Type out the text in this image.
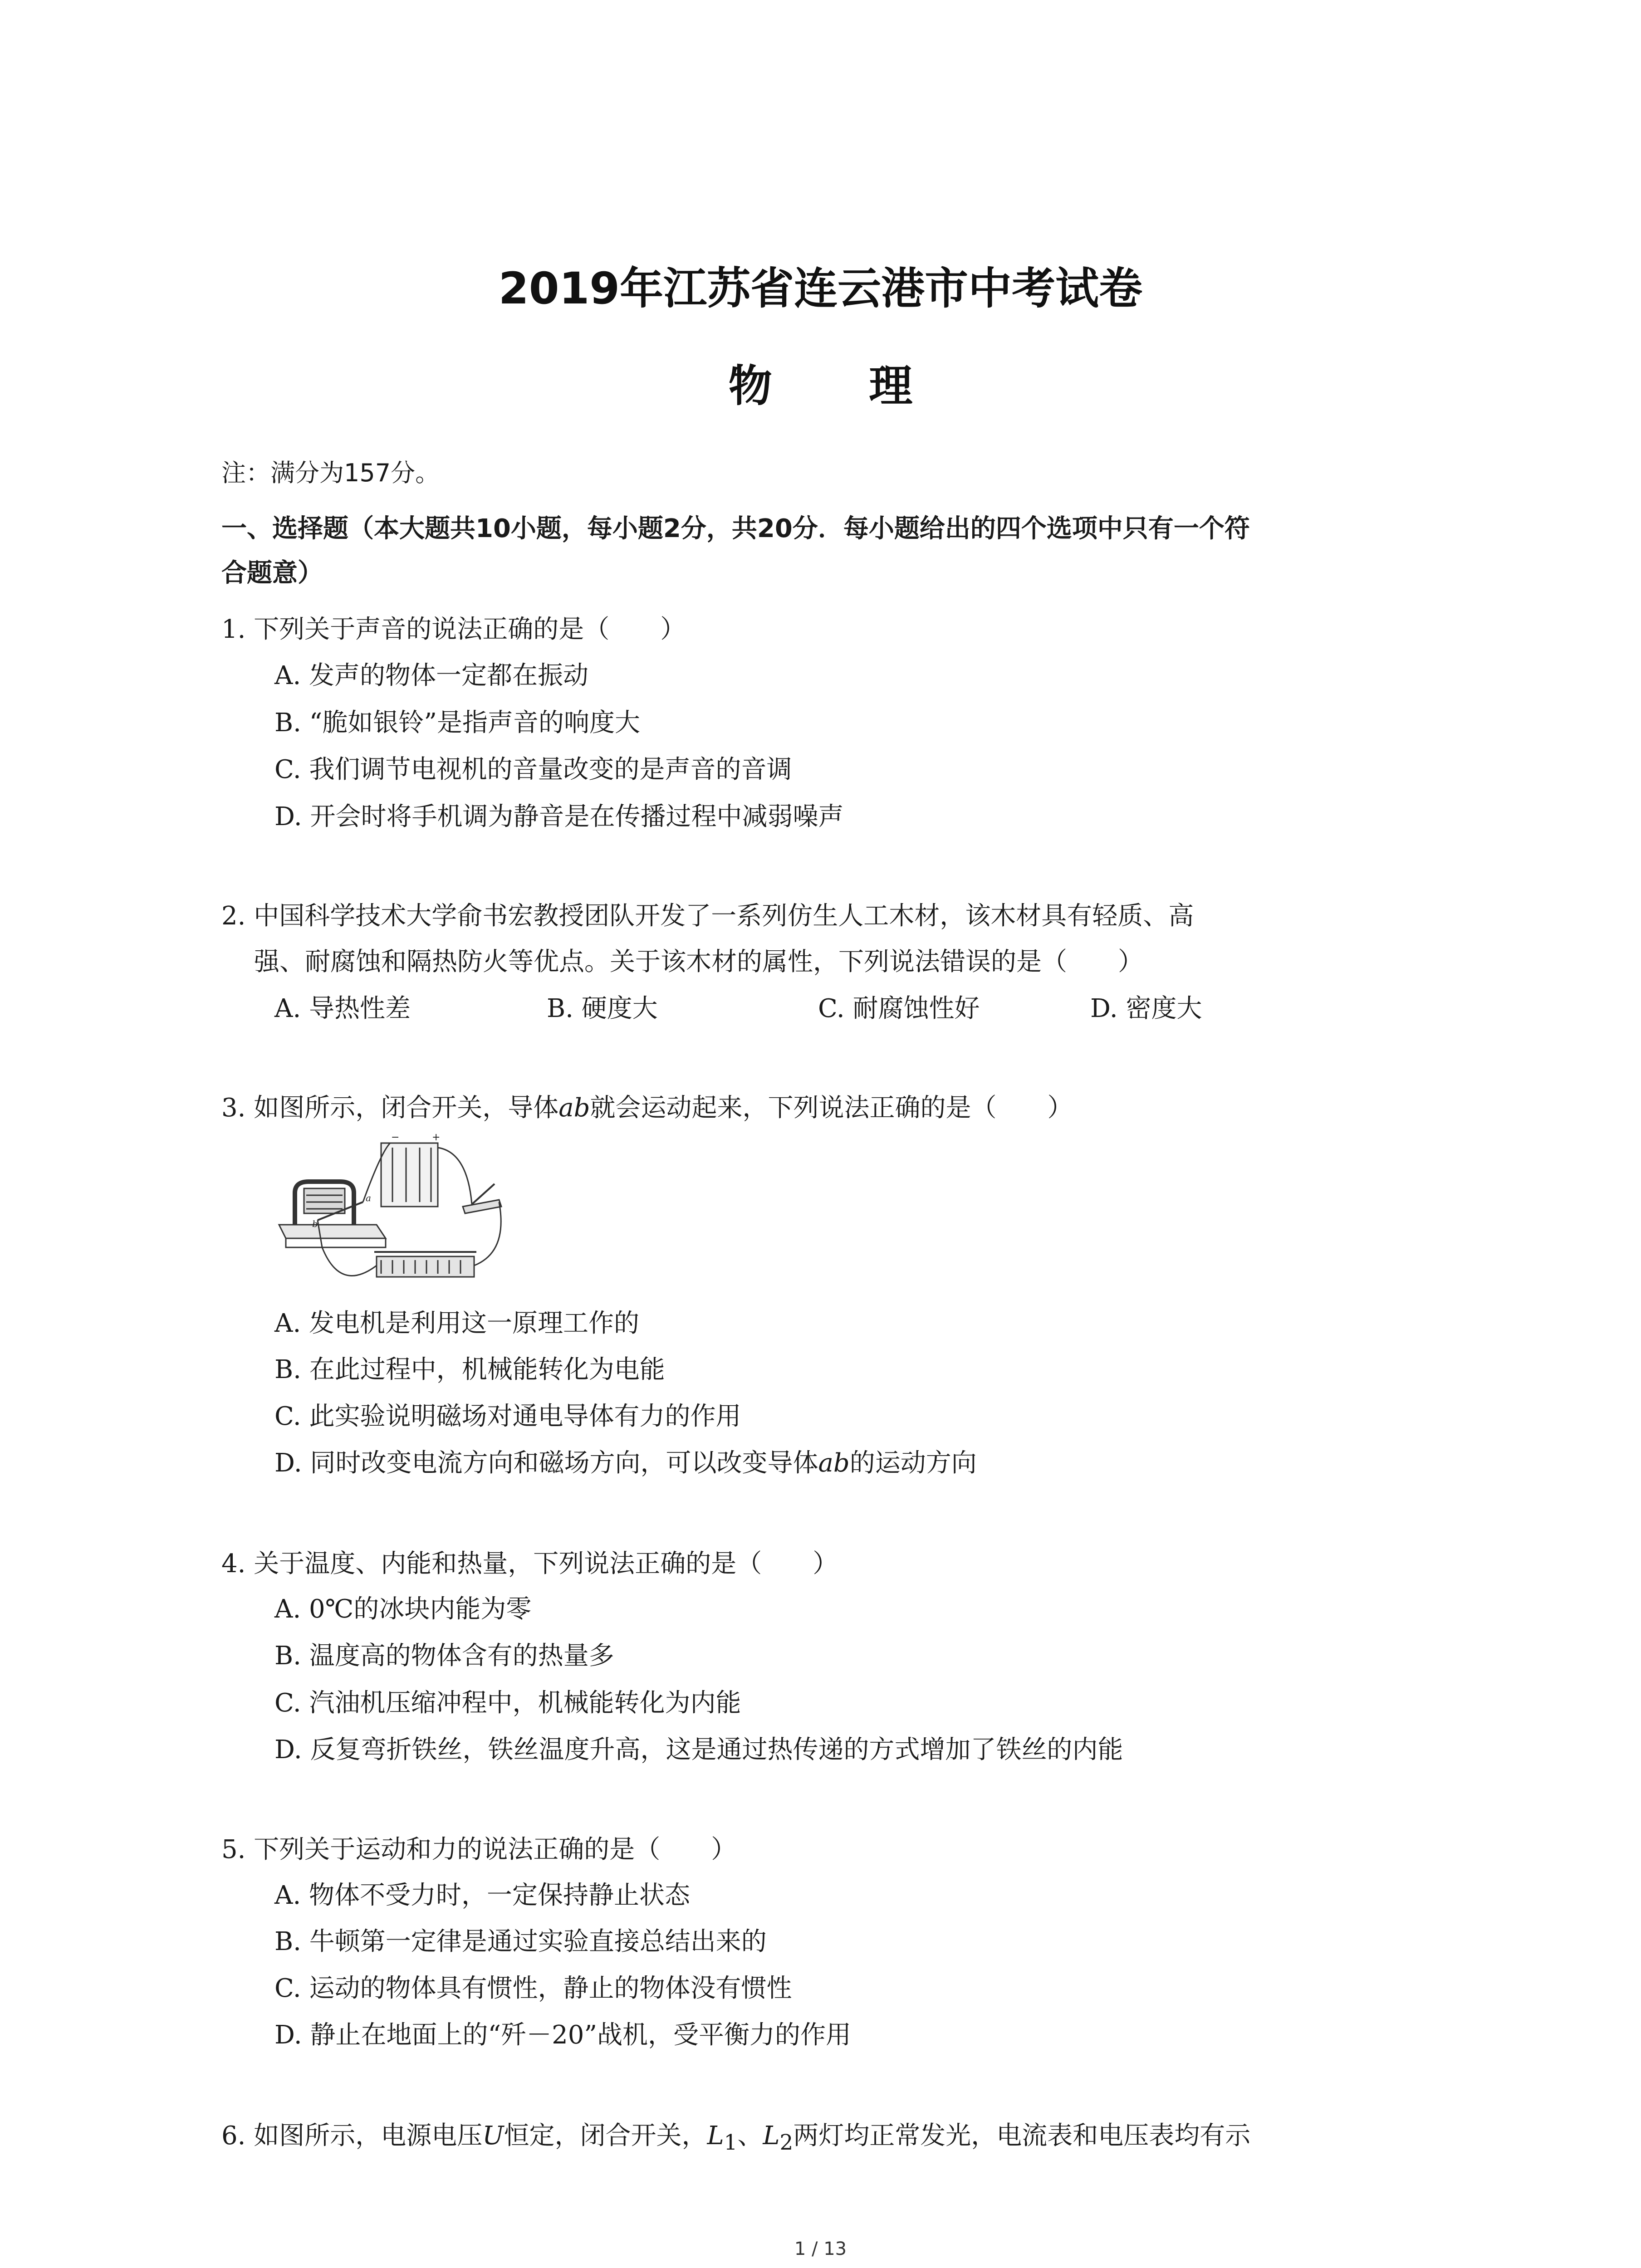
2019年江苏省连云港市中考试卷
物 理
注：满分为157分。
一、选择题（本大题共10小题，每小题2分，共20分．每小题给出的四个选项中只有一个符
合题意）
1. 下列关于声音的说法正确的是（　　）
A. 发声的物体一定都在振动
B. “脆如银铃”是指声音的响度大
C. 我们调节电视机的音量改变的是声音的音调
D. 开会时将手机调为静音是在传播过程中减弱噪声
2. 中国科学技术大学俞书宏教授团队开发了一系列仿生人工木材，该木材具有轻质、高
强、耐腐蚀和隔热防火等优点。关于该木材的属性，下列说法错误的是（　　）
A. 导热性差	B. 硬度大	C. 耐腐蚀性好	D. 密度大
3. 如图所示，闭合开关，导体ab就会运动起来，下列说法正确的是（　　）
−	+
a
b
A. 发电机是利用这一原理工作的
B. 在此过程中，机械能转化为电能
C. 此实验说明磁场对通电导体有力的作用
D. 同时改变电流方向和磁场方向，可以改变导体ab的运动方向
4. 关于温度、内能和热量，下列说法正确的是（　　）
A. 0℃的冰块内能为零
B. 温度高的物体含有的热量多
C. 汽油机压缩冲程中，机械能转化为内能
D. 反复弯折铁丝，铁丝温度升高，这是通过热传递的方式增加了铁丝的内能
5. 下列关于运动和力的说法正确的是（　　）
A. 物体不受力时，一定保持静止状态
B. 牛顿第一定律是通过实验直接总结出来的
C. 运动的物体具有惯性，静止的物体没有惯性
D. 静止在地面上的“歼－20”战机，受平衡力的作用
6. 如图所示，电源电压U恒定，闭合开关，$L_1$、$L_2$两灯均正常发光，电流表和电压表均有示
1 / 13
